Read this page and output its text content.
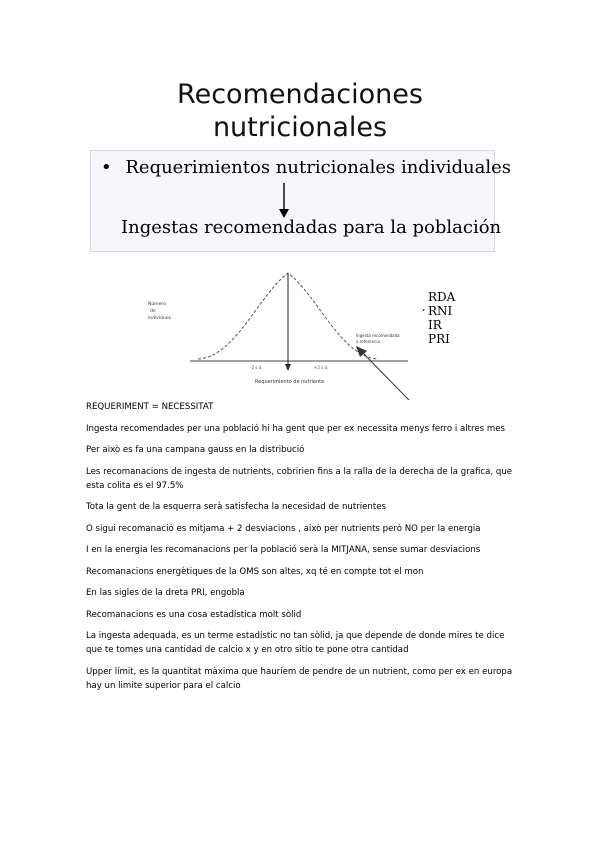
Recomendaciones
nutricionales
• Requerimientos nutricionales individuales
Ingestas recomendadas para la población
Número
de
individuos
-2 s.d.	M	+2 s.d.
Requerimiento de nutriente
Ingesta recomendada
o referencia
RDA
RNI
IR
PRI

REQUERIMENT = NECESSITAT

Ingesta recomendades per una població hi ha gent que per ex necessita menys ferro i altres mes

Per això es fa una campana gauss en la distribució

Les recomanacions de ingesta de nutrients, cobririen fins a la ralla de la derecha de la grafica, que esta colita es el 97.5%

Tota la gent de la esquerra serà satisfecha la necesidad de nutrientes

O sigui recomanació es mitjama + 2 desviacions , això per nutrients però NO per la energia

I en la energia les recomanacions per la població serà la MITJANA, sense sumar desviacions

Recomanacions energètiques de la OMS son altes, xq té en compte tot el mon

En las sigles de la dreta PRI, engobla

Recomanacions es una cosa estadística molt sòlid

La ingesta adequada, es un terme estadístic no tan sòlid, ja que depende de donde mires te dice que te tomes una cantidad de calcio x y en otro sitio te pone otra cantidad

Upper límit, es la quantitat màxima que hauríem de pendre de un nutrient, como per ex en europa hay un limite superior para el calcio
